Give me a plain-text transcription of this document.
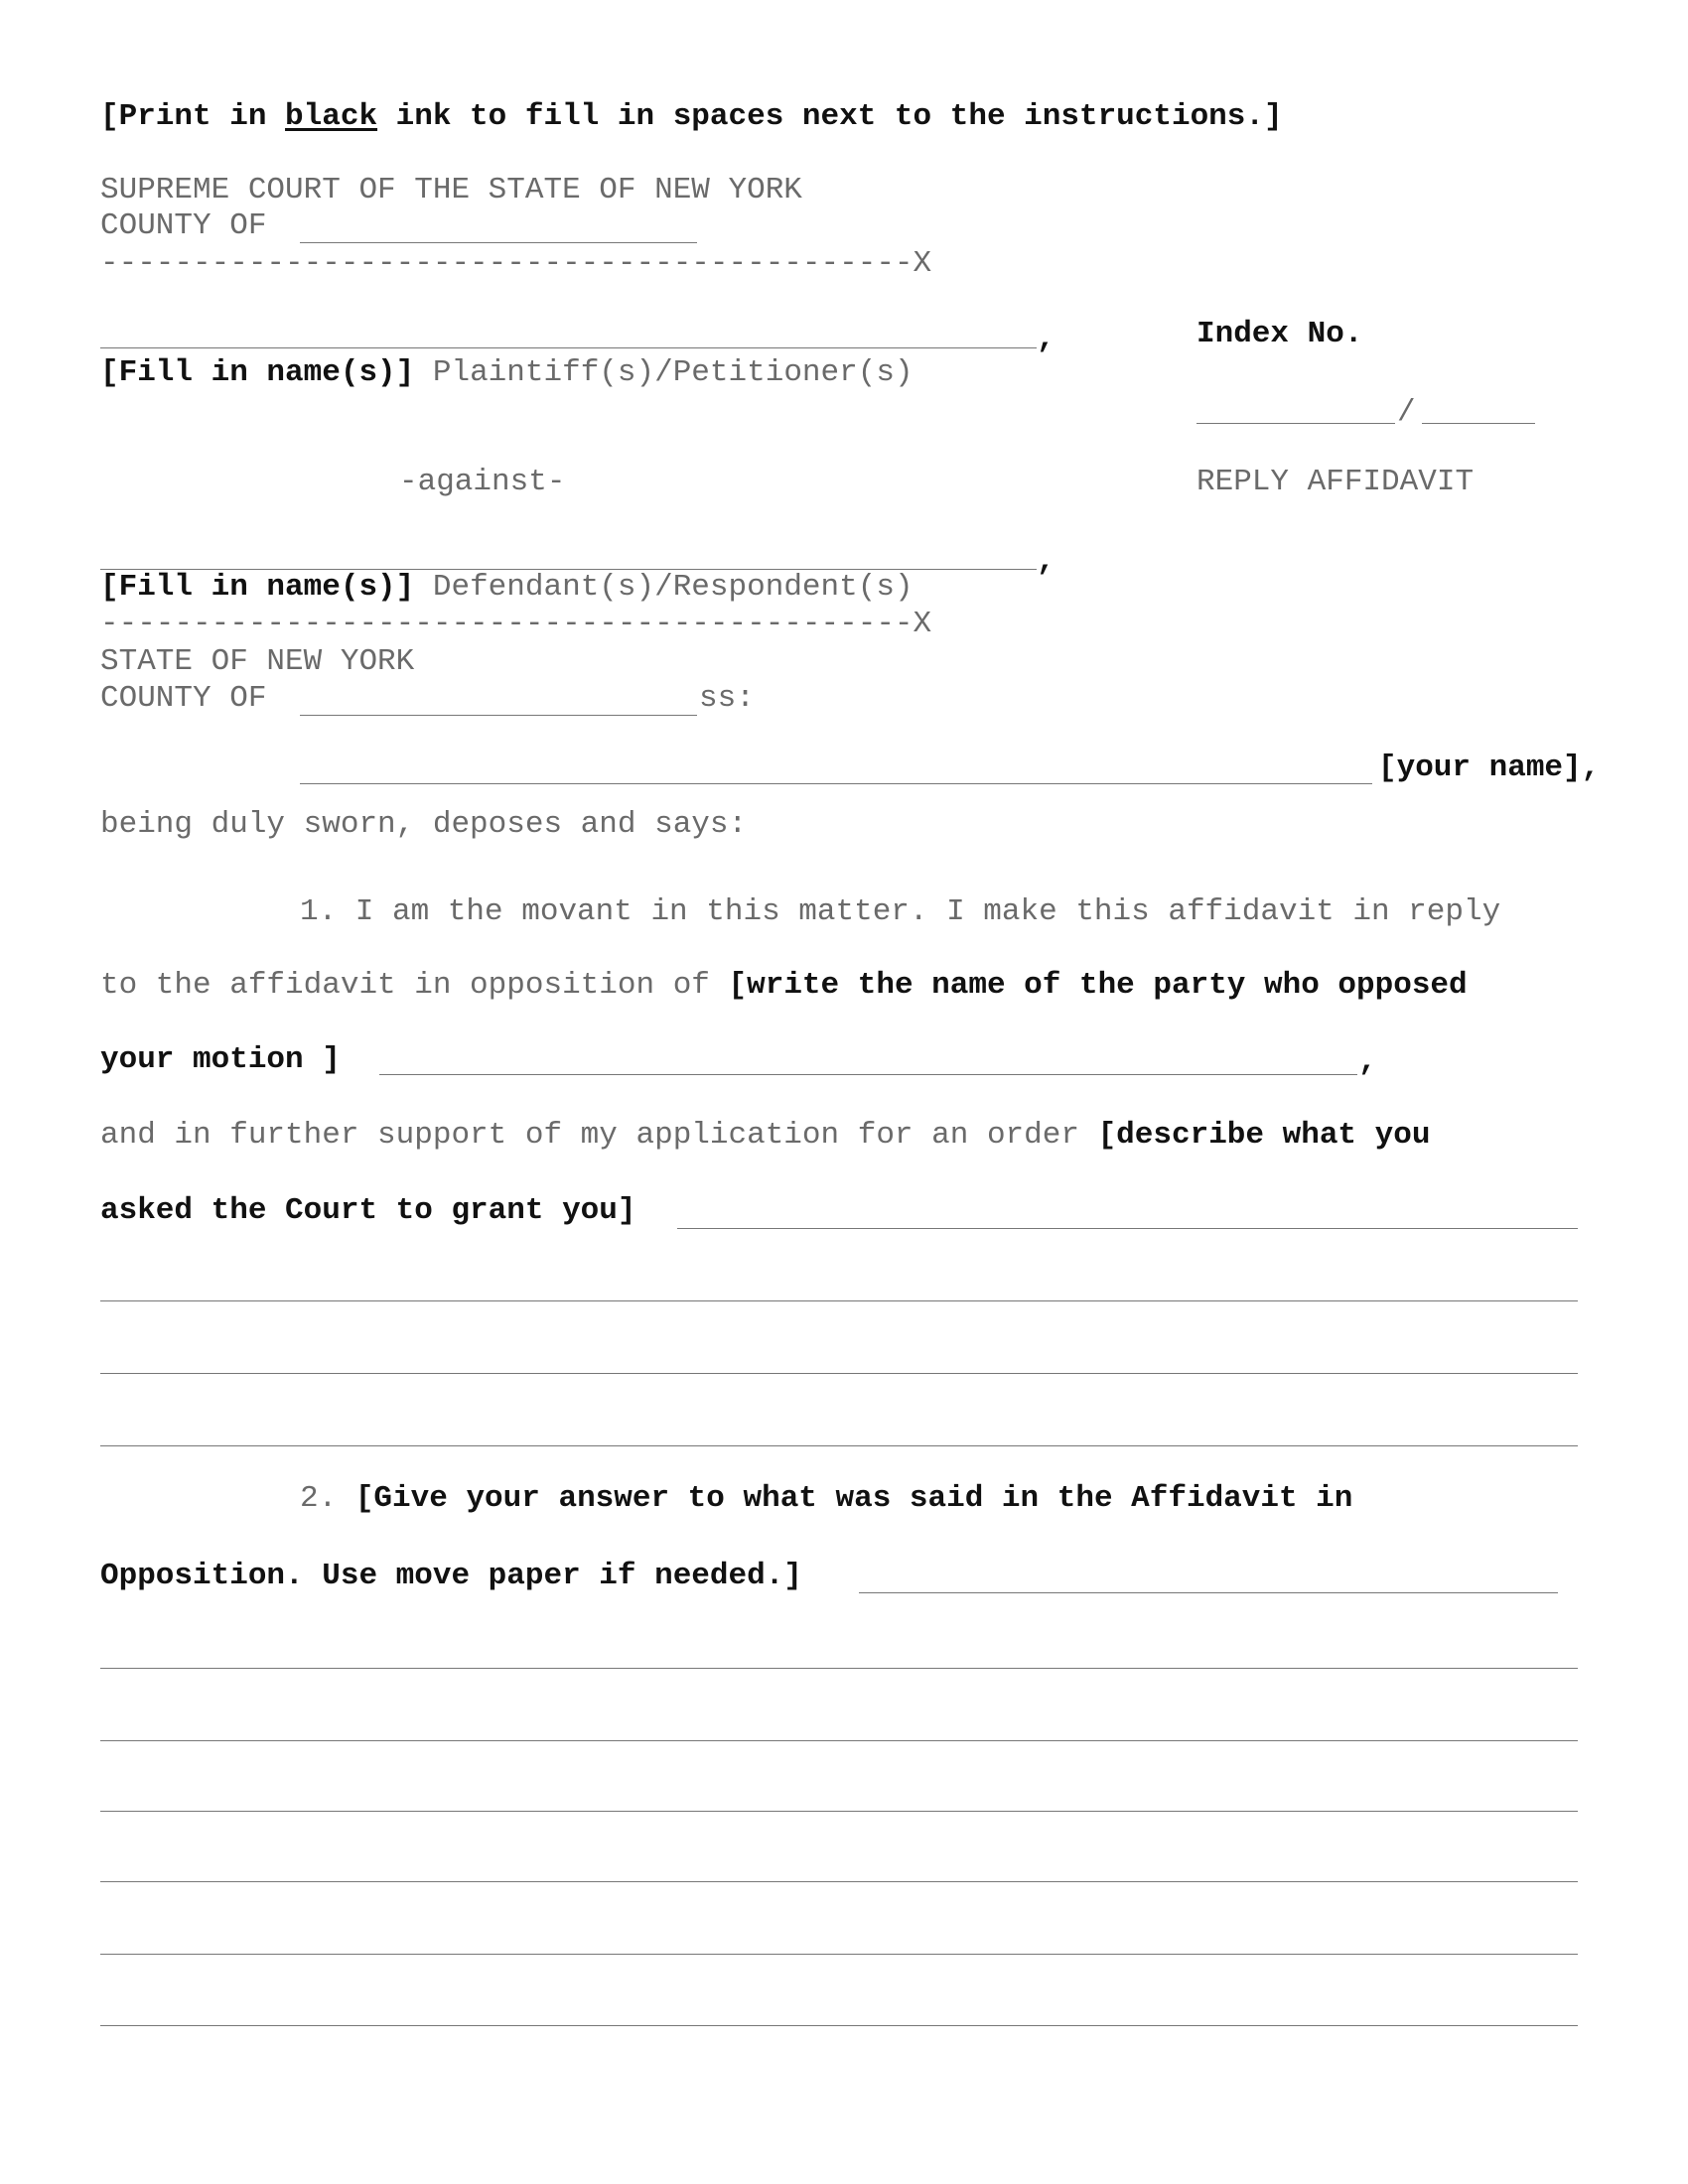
[Print in black ink to fill in spaces next to the instructions.]
SUPREME COURT OF THE STATE OF NEW YORK
COUNTY OF
--------------------------------------------X
,
[Fill in name(s)] Plaintiff(s)/Petitioner(s)
Index No.
/
REPLY AFFIDAVIT
-against-
,
[Fill in name(s)] Defendant(s)/Respondent(s)
--------------------------------------------X
STATE OF NEW YORK
COUNTY OF	ss:
[your name],
being duly sworn, deposes and says:
1. I am the movant in this matter. I make this affidavit in reply
to the affidavit in opposition of [write the name of the party who opposed
your motion ]	,
and in further support of my application for an order [describe what you
asked the Court to grant you]
2. [Give your answer to what was said in the Affidavit in
Opposition. Use move paper if needed.]
